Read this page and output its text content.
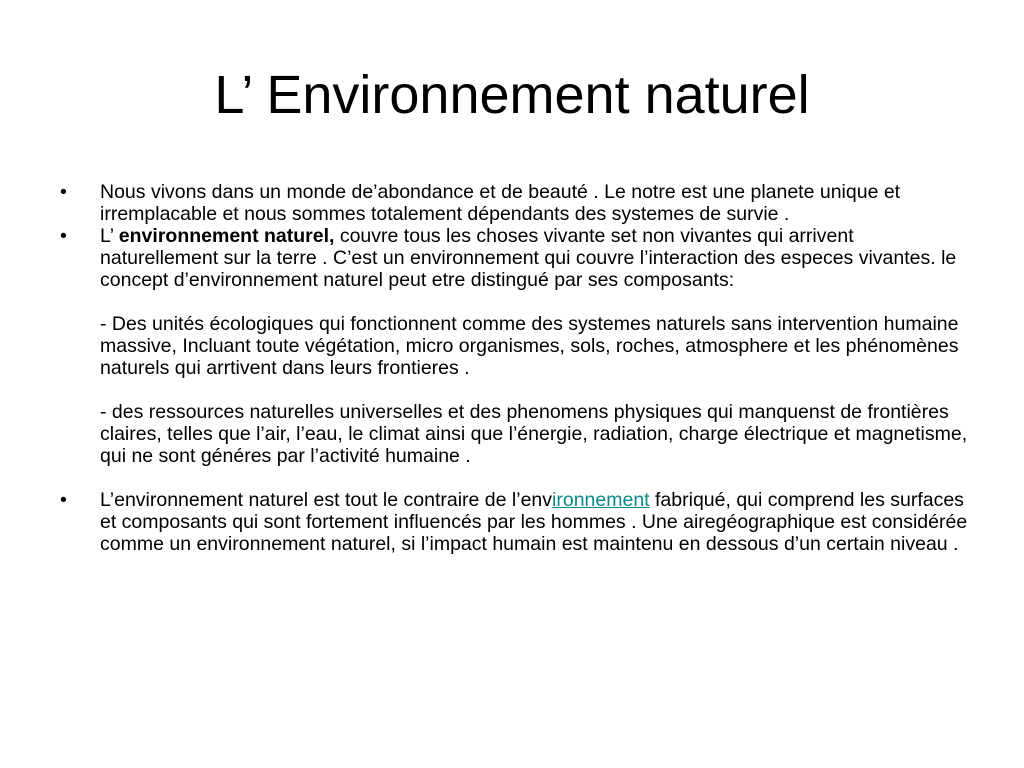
L’ Environnement naturel
•	Nous vivons dans un monde de’abondance et de beauté . Le notre est une planete unique et irremplacable et nous sommes totalement dépendants des systemes de survie .
•	L’ environnement naturel, couvre tous les choses vivante set non vivantes qui arrivent naturellement sur la terre . C’est un environnement qui couvre l’interaction des especes vivantes. le concept d’environnement naturel peut etre distingué par ses composants:
- Des unités écologiques qui fonctionnent comme des systemes naturels sans intervention humaine massive, Incluant toute végétation, micro organismes, sols, roches, atmosphere et les phénomènes naturels qui arrtivent dans leurs frontieres .
- des ressources naturelles universelles et des phenomens physiques qui manquenst de frontières claires, telles que l’air, l’eau, le climat ainsi que l’énergie, radiation, charge électrique et magnetisme, qui ne sont généres par l’activité humaine .
•	L’environnement naturel est tout le contraire de l’environnement fabriqué, qui comprend les surfaces et composants qui sont fortement influencés par les hommes . Une airegéographique est considérée comme un environnement naturel, si l’impact humain est maintenu en dessous d’un certain niveau .
